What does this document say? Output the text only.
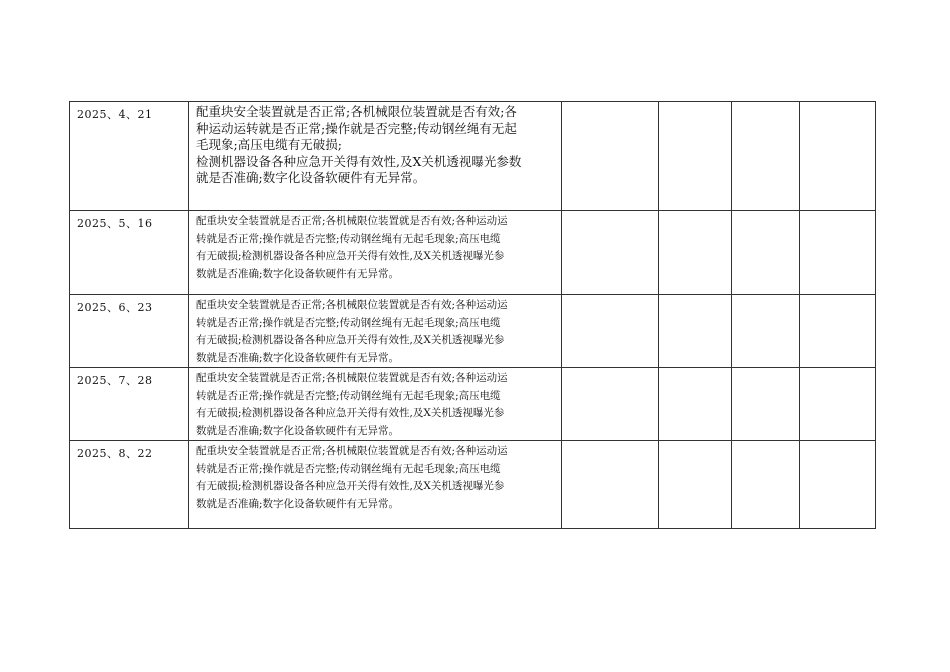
2025、4、21	配重块安全装置就是否正常;各机械限位装置就是否有效;各
种运动运转就是否正常;操作就是否完整;传动钢丝绳有无起
毛现象;高压电缆有无破损;
检测机器设备各种应急开关得有效性,及X关机透视曝光参数
就是否准确;数字化设备软硬件有无异常。				

2025、5、16	配重块安全装置就是否正常;各机械限位装置就是否有效;各种运动运
转就是否正常;操作就是否完整;传动钢丝绳有无起毛现象;高压电缆
有无破损;检测机器设备各种应急开关得有效性,及X关机透视曝光参
数就是否准确;数字化设备软硬件有无异常。				

2025、6、23	配重块安全装置就是否正常;各机械限位装置就是否有效;各种运动运
转就是否正常;操作就是否完整;传动钢丝绳有无起毛现象;高压电缆
有无破损;检测机器设备各种应急开关得有效性,及X关机透视曝光参
数就是否准确;数字化设备软硬件有无异常。				

2025、7、28	配重块安全装置就是否正常;各机械限位装置就是否有效;各种运动运
转就是否正常;操作就是否完整;传动钢丝绳有无起毛现象;高压电缆
有无破损;检测机器设备各种应急开关得有效性,及X关机透视曝光参
数就是否准确;数字化设备软硬件有无异常。				

2025、8、22	配重块安全装置就是否正常;各机械限位装置就是否有效;各种运动运
转就是否正常;操作就是否完整;传动钢丝绳有无起毛现象;高压电缆
有无破损;检测机器设备各种应急开关得有效性,及X关机透视曝光参
数就是否准确;数字化设备软硬件有无异常。				
